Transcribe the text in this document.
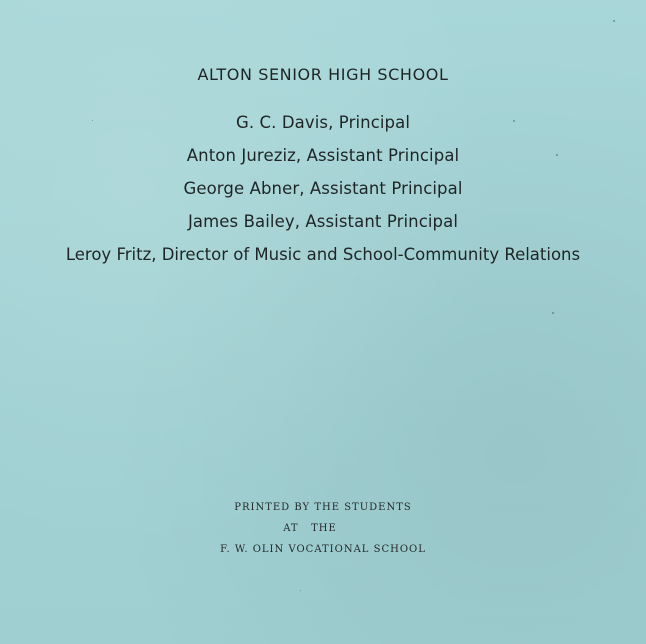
ALTON SENIOR HIGH SCHOOL

G. C. Davis, Principal

Anton Jureziz, Assistant Principal

George Abner, Assistant Principal

James Bailey, Assistant Principal

Leroy Fritz, Director of Music and School-Community Relations

PRINTED BY THE STUDENTS

AT   THE

F. W. OLIN VOCATIONAL SCHOOL
